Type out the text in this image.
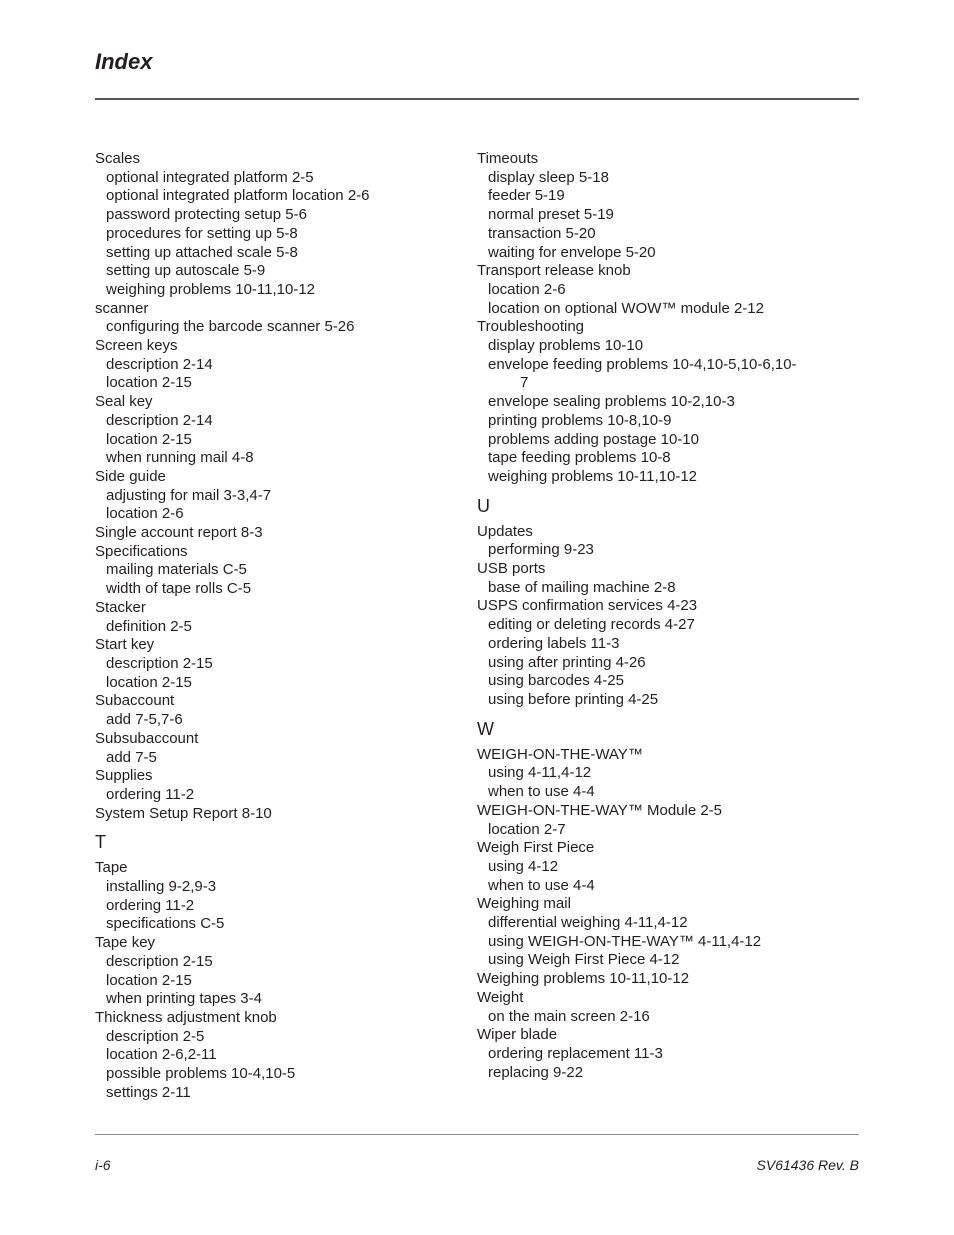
Index
Scales
optional integrated platform 2-5
optional integrated platform location 2-6
password protecting setup 5-6
procedures for setting up 5-8
setting up attached scale 5-8
setting up autoscale 5-9
weighing problems 10-11,10-12
scanner
configuring the barcode scanner 5-26
Screen keys
description 2-14
location 2-15
Seal key
description 2-14
location 2-15
when running mail 4-8
Side guide
adjusting for mail 3-3,4-7
location 2-6
Single account report 8-3
Specifications
mailing materials C-5
width of tape rolls C-5
Stacker
definition 2-5
Start key
description 2-15
location 2-15
Subaccount
add 7-5,7-6
Subsubaccount
add 7-5
Supplies
ordering 11-2
System Setup Report 8-10
T
Tape
installing 9-2,9-3
ordering 11-2
specifications C-5
Tape key
description 2-15
location 2-15
when printing tapes 3-4
Thickness adjustment knob
description 2-5
location 2-6,2-11
possible problems 10-4,10-5
settings 2-11
Timeouts
display sleep 5-18
feeder 5-19
normal preset 5-19
transaction 5-20
waiting for envelope 5-20
Transport release knob
location 2-6
location on optional WOW™ module 2-12
Troubleshooting
display problems 10-10
envelope feeding problems 10-4,10-5,10-6,10-
7
envelope sealing problems 10-2,10-3
printing problems 10-8,10-9
problems adding postage 10-10
tape feeding problems 10-8
weighing problems 10-11,10-12
U
Updates
performing 9-23
USB ports
base of mailing machine 2-8
USPS confirmation services 4-23
editing or deleting records 4-27
ordering labels 11-3
using after printing 4-26
using barcodes 4-25
using before printing 4-25
W
WEIGH-ON-THE-WAY™
using 4-11,4-12
when to use 4-4
WEIGH-ON-THE-WAY™ Module 2-5
location 2-7
Weigh First Piece
using 4-12
when to use 4-4
Weighing mail
differential weighing 4-11,4-12
using WEIGH-ON-THE-WAY™ 4-11,4-12
using Weigh First Piece 4-12
Weighing problems 10-11,10-12
Weight
on the main screen 2-16
Wiper blade
ordering replacement 11-3
replacing 9-22
i-6	SV61436 Rev. B
